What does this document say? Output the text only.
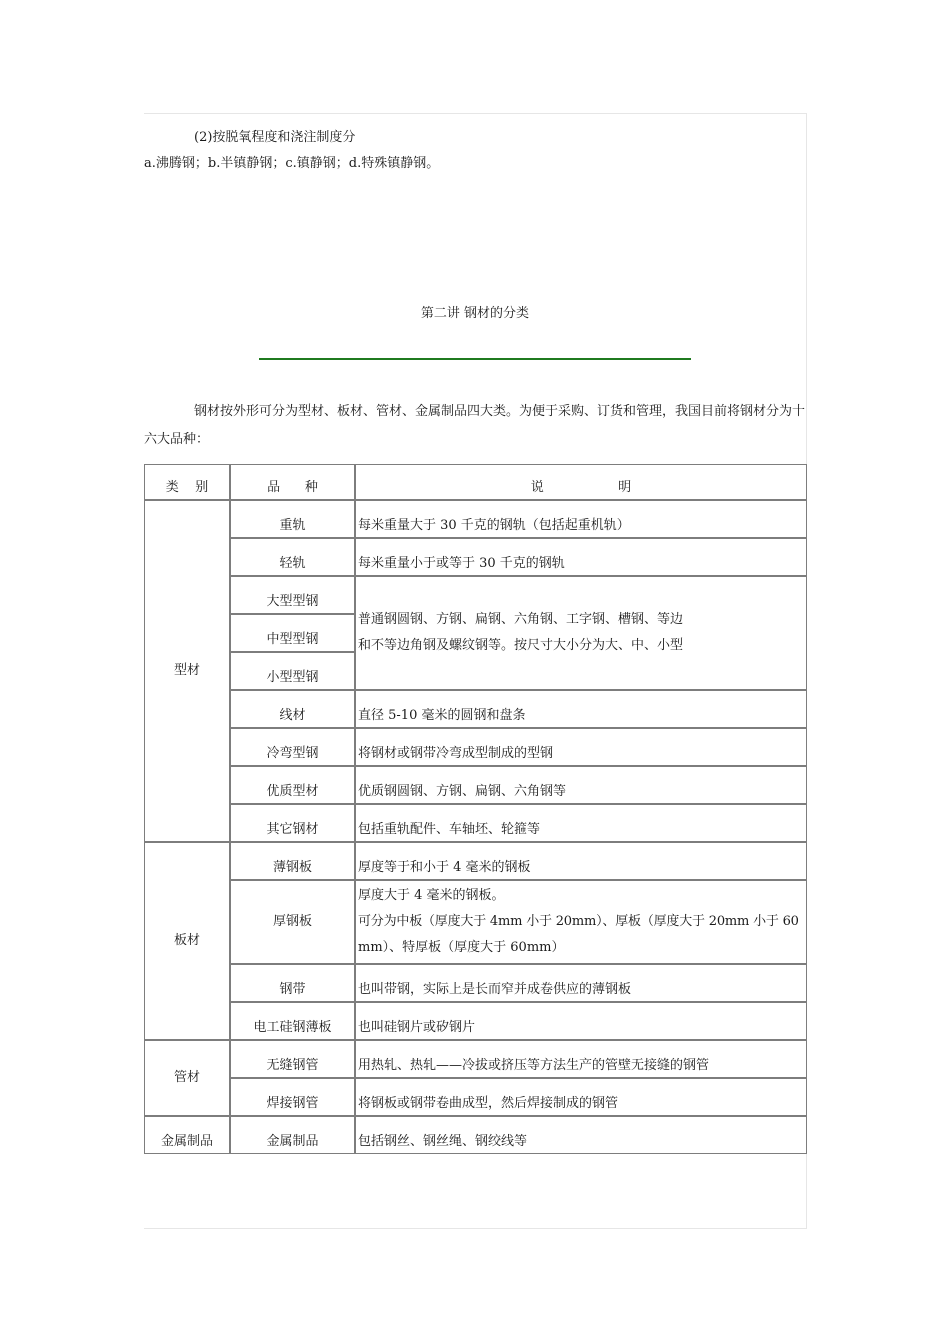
(2)按脱氧程度和浇注制度分
a.沸腾钢；b.半镇静钢；c.镇静钢；d.特殊镇静钢。
第二讲 钢材的分类
钢材按外形可分为型材、板材、管材、金属制品四大类。为便于采购、订货和管理，我国目前将钢材分为十六大品种：
类    别	品      种	说                  明
型材	重轨	每米重量大于 30 千克的钢轨（包括起重机轨）
	轻轨	每米重量小于或等于 30 千克的钢轨
	大型型钢	普通钢圆钢、方钢、扁钢、六角钢、工字钢、槽钢、等边
和不等边角钢及螺纹钢等。按尺寸大小分为大、中、小型

	中型型钢	
	小型型钢	
	线材	直径 5-10 毫米的圆钢和盘条
	冷弯型钢	将钢材或钢带冷弯成型制成的型钢
	优质型材	优质钢圆钢、方钢、扁钢、六角钢等
	其它钢材	包括重轨配件、车轴坯、轮箍等
板材	薄钢板	厚度等于和小于 4 毫米的钢板
	厚钢板	厚度大于 4 毫米的钢板。
可分为中板（厚度大于 4mm 小于 20mm）、厚板（厚度大于 20mm 小于 60
mm）、特厚板（厚度大于 60mm）

	钢带	也叫带钢，实际上是长而窄并成卷供应的薄钢板
	电工硅钢薄板	也叫硅钢片或矽钢片
管材	无缝钢管	用热轧、热轧——冷拔或挤压等方法生产的管壁无接缝的钢管
	焊接钢管	将钢板或钢带卷曲成型，然后焊接制成的钢管
金属制品	金属制品	包括钢丝、钢丝绳、钢绞线等
